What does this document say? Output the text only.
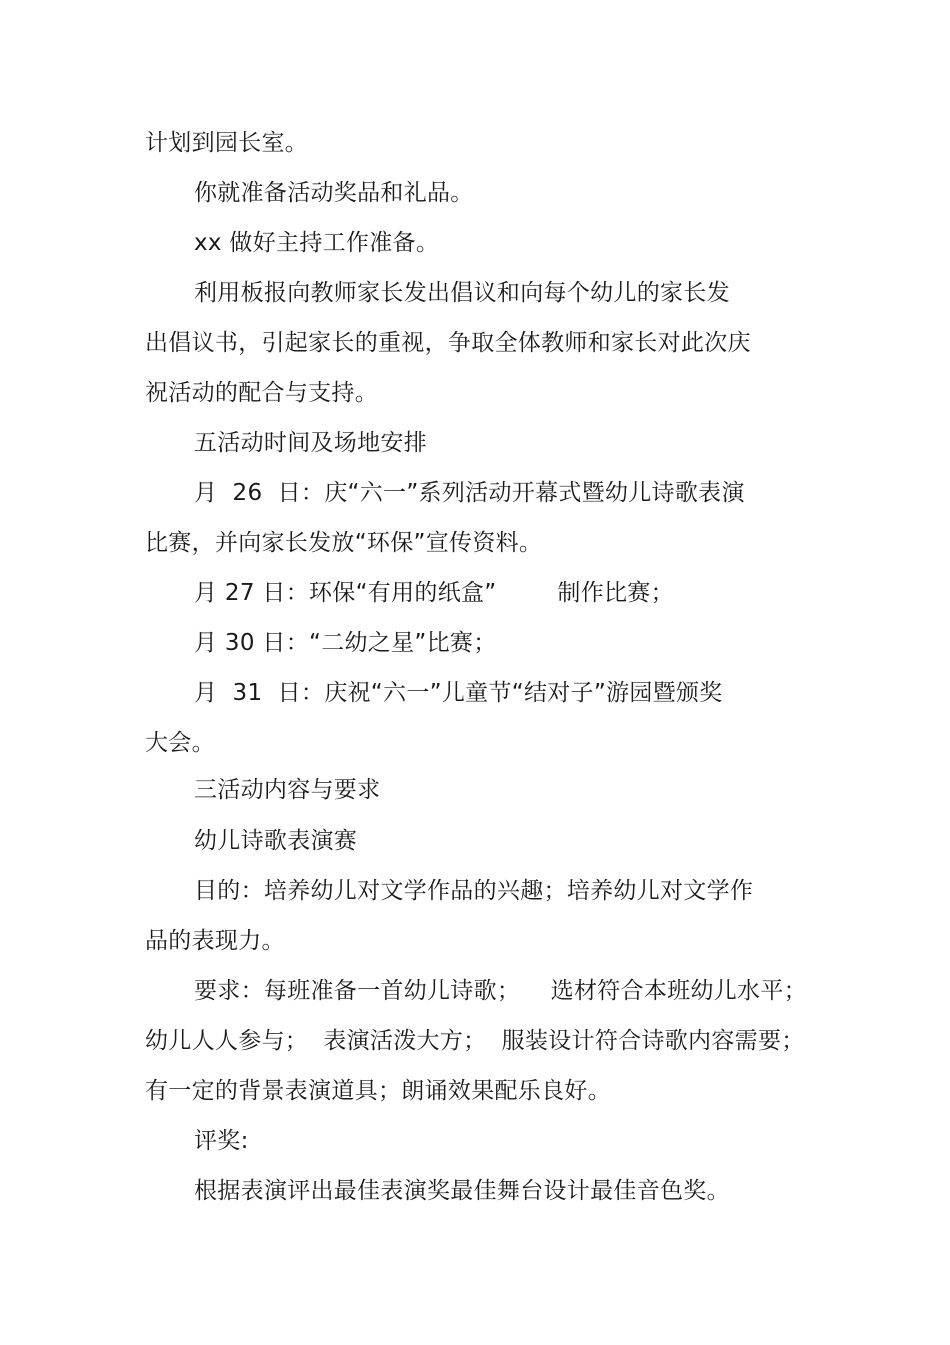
计划到园长室。
你就准备活动奖品和礼品。
xx 做好主持工作准备。
利用板报向教师家长发出倡议和向每个幼儿的家长发
出倡议书，引起家长的重视，争取全体教师和家长对此次庆
祝活动的配合与支持。
五活动时间及场地安排
月  26  日：庆“六一”系列活动开幕式暨幼儿诗歌表演
比赛，并向家长发放“环保”宣传资料。
月 27 日：环保“有用的纸盒”        制作比赛；
月 30 日：“二幼之星”比赛；
月  31  日：庆祝“六一”儿童节“结对子”游园暨颁奖
大会。
三活动内容与要求
幼儿诗歌表演赛
目的：培养幼儿对文学作品的兴趣；培养幼儿对文学作
品的表现力。
要求：每班准备一首幼儿诗歌；    选材符合本班幼儿水平；
幼儿人人参与；  表演活泼大方；  服装设计符合诗歌内容需要；
有一定的背景表演道具；朗诵效果配乐良好。
评奖:
根据表演评出最佳表演奖最佳舞台设计最佳音色奖。
